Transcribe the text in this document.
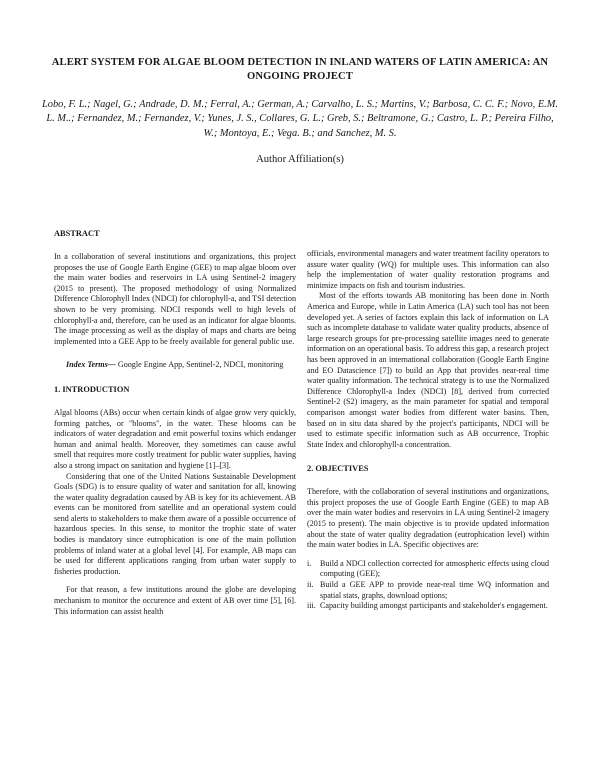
ALERT SYSTEM FOR ALGAE BLOOM DETECTION IN INLAND WATERS OF LATIN AMERICA: AN ONGOING PROJECT
Lobo, F. L.; Nagel, G.; Andrade, D. M.; Ferral, A.; German, A.; Carvalho, L. S.; Martins, V.; Barbosa, C. C. F.; Novo, E.M. L. M..; Fernandez, M.; Fernandez, V.; Yunes, J. S., Collares, G. L.; Greb, S.; Beltramone, G.; Castro, L. P.; Pereira Filho, W.; Montoya, E.; Vega. B.; and Sanchez, M. S.
Author Affiliation(s)

ABSTRACT

In a collaboration of several institutions and organizations, this project proposes the use of Google Earth Engine (GEE) to map algae bloom over the main water bodies and reservoirs in LA using Sentinel-2 imagery (2015 to present). The proposed methodology of using Normalized Difference Chlorophyll Index (NDCI) for chlorophyll-a, and TSI detection shown to be very promising. NDCI responds well to high levels of chlorophyll-a and, therefore, can be used as an indicator for algae blooms. The image processing as well as the display of maps and charts are being implemented into a GEE App to be freely available for general public use.

Index Terms— Google Engine App, Sentinel-2, NDCI, monitoring

1. INTRODUCTION

Algal blooms (ABs) occur when certain kinds of algae grow very quickly, forming patches, or "blooms", in the water. These blooms can be indicators of water degradation and emit powerful toxins which endanger human and animal health. Moreover, they sometimes can cause awful smell that requires more costly treatment for public water supplies, having also a strong impact on sanitation and hygiene [1]–[3].

Considering that one of the United Nations Sustainable Development Goals (SDG) is to ensure quality of water and sanitation for all, knowing the water quality degradation caused by AB is key for its achievement. AB events can be monitored from satellite and an operational system could send alerts to stakeholders to make them aware of a possible occurrence of hazardous species. In this sense, to monitor the trophic state of water bodies is mandatory since eutrophication is one of the main pollution problems of inland water at a global level [4]. For example, AB maps can be used for different applications ranging from urban water supply to fisheries production.

For that reason, a few institutions around the globe are developing mechanism to monitor the occurence and extent of AB over time [5], [6]. This information can assist health

officials, environmental managers and water treatment facility operators to assure water quality (WQ) for multiple uses. This information can also help the implementation of water quality restoration programs and minimize impacts on fish and tourism industries.

Most of the efforts towards AB monitoring has been done in North America and Europe, while in Latin America (LA) such tool has not been developed yet. A series of factors explain this lack of information on LA such as incomplete database to validate water quality products, absence of large research groups for pre-processing satellite images need to generate information on an operational basis. To address this gap, a research project has been approved in an international collaboration (Google Earth Engine and EO Datascience [7]) to build an App that provides near-real time water quality information. The technical strategy is to use the Normalized Difference Chlorophyll-a Index (NDCI) [8], derived from corrected Sentinel-2 (S2) imagery, as the main parameter for spatial and temporal comparison amongst water bodies from different water basins. Then, based on in situ data shared by the project's participants, NDCI will be used to estimate specific information such as AB occurrence, Trophic State Index and chlorophyll-a concentration.

2. OBJECTIVES

Therefore, with the collaboration of several institutions and organizations, this project proposes the use of Google Earth Engine (GEE) to map AB over the main water bodies and reservoirs in LA using Sentinel-2 imagery (2015 to present). The main objective is to provide updated information about the state of water quality degradation (eutrophication level) within the main water bodies in LA. Specific objectives are:

i.	Build a NDCI collection corrected for atmospheric effects using cloud computing (GEE);
ii. Build a GEE APP to provide near-real time WQ information and spatial stats, graphs, download options;
iii. Capacity building amongst participants and stakeholder's engagement.
